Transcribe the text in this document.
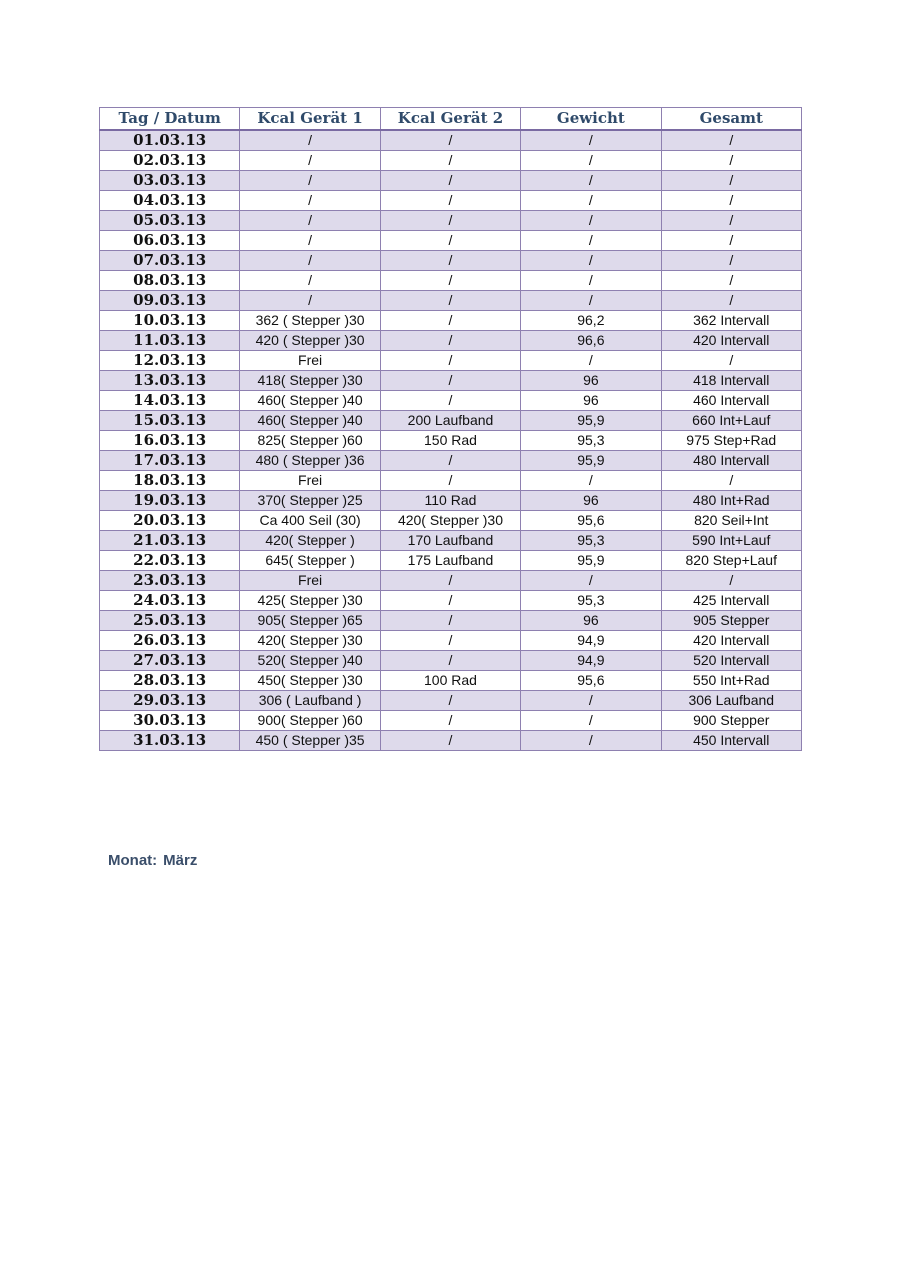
Tag / Datum	Kcal Gerät 1	Kcal Gerät 2	Gewicht	Gesamt
01.03.13	/	/	/	/
02.03.13	/	/	/	/
03.03.13	/	/	/	/
04.03.13	/	/	/	/
05.03.13	/	/	/	/
06.03.13	/	/	/	/
07.03.13	/	/	/	/
08.03.13	/	/	/	/
09.03.13	/	/	/	/
10.03.13	362 ( Stepper )30	/	96,2	362 Intervall
11.03.13	420 ( Stepper )30	/	96,6	420 Intervall
12.03.13	Frei	/	/	/
13.03.13	418( Stepper )30	/	96	418 Intervall
14.03.13	460( Stepper )40	/	96	460 Intervall
15.03.13	460( Stepper )40	200 Laufband	95,9	660 Int+Lauf
16.03.13	825( Stepper )60	150 Rad	95,3	975 Step+Rad
17.03.13	480 ( Stepper )36	/	95,9	480 Intervall
18.03.13	Frei	/	/	/
19.03.13	370( Stepper )25	110 Rad	96	480 Int+Rad
20.03.13	Ca 400 Seil (30)	420( Stepper )30	95,6	820 Seil+Int
21.03.13	420( Stepper )	170 Laufband	95,3	590 Int+Lauf
22.03.13	645( Stepper )	175 Laufband	95,9	820 Step+Lauf
23.03.13	Frei	/	/	/
24.03.13	425( Stepper )30	/	95,3	425 Intervall
25.03.13	905( Stepper )65	/	96	905 Stepper
26.03.13	420( Stepper )30	/	94,9	420 Intervall
27.03.13	520( Stepper )40	/	94,9	520 Intervall
28.03.13	450( Stepper )30	100 Rad	95,6	550 Int+Rad
29.03.13	306 ( Laufband )	/	/	306 Laufband
30.03.13	900( Stepper )60	/	/	900 Stepper
31.03.13	450 ( Stepper )35	/	/	450 Intervall
Monat: März
